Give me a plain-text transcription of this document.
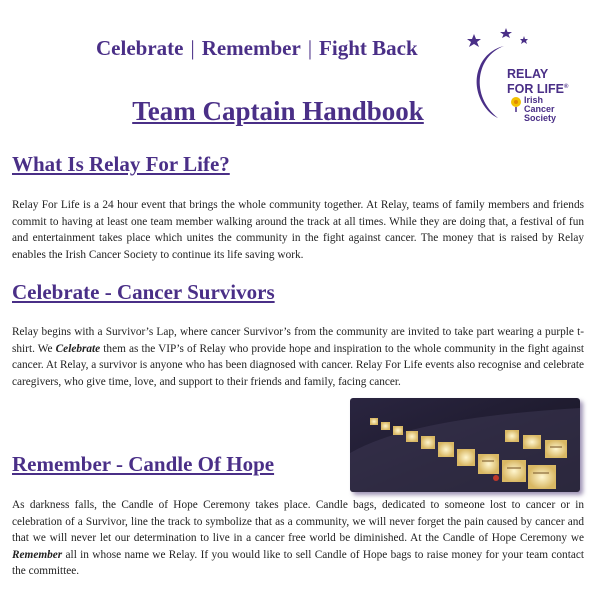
Celebrate | Remember | Fight Back
RELAY
FOR LIFE®
Irish
Cancer
Society
Team Captain Handbook
What Is Relay For Life?

Relay For Life is a 24 hour event that brings the whole community together. At Relay, teams of family members and friends commit to having at least one team member walking around the track at all times. While they are doing that, a festival of fun and entertainment takes place which unites the community in the fight against cancer. The money that is raised by Relay enables the Irish Cancer Society to continue its life saving work.

Celebrate - Cancer Survivors

Relay begins with a Survivor’s Lap, where cancer Survivor’s from the community are invited to take part wearing a purple t-shirt. We Celebrate them as the VIP’s of Relay who provide hope and inspiration to the whole community in the fight against cancer. At Relay, a survivor is anyone who has been diagnosed with cancer. Relay For Life events also recognise and celebrate caregivers, who give time, love, and support to their friends and family, facing cancer.

Remember - Candle Of Hope

As darkness falls, the Candle of Hope Ceremony takes place. Candle bags, dedicated to someone lost to cancer or in celebration of a Survivor, line the track to symbolize that as a community, we will never forget the pain caused by cancer and that we will never let our determination to live in a cancer free world be diminished. At the Candle of Hope Ceremony we Remember all in whose name we Relay. If you would like to sell Candle of Hope bags to raise money for your team contact the committee.
